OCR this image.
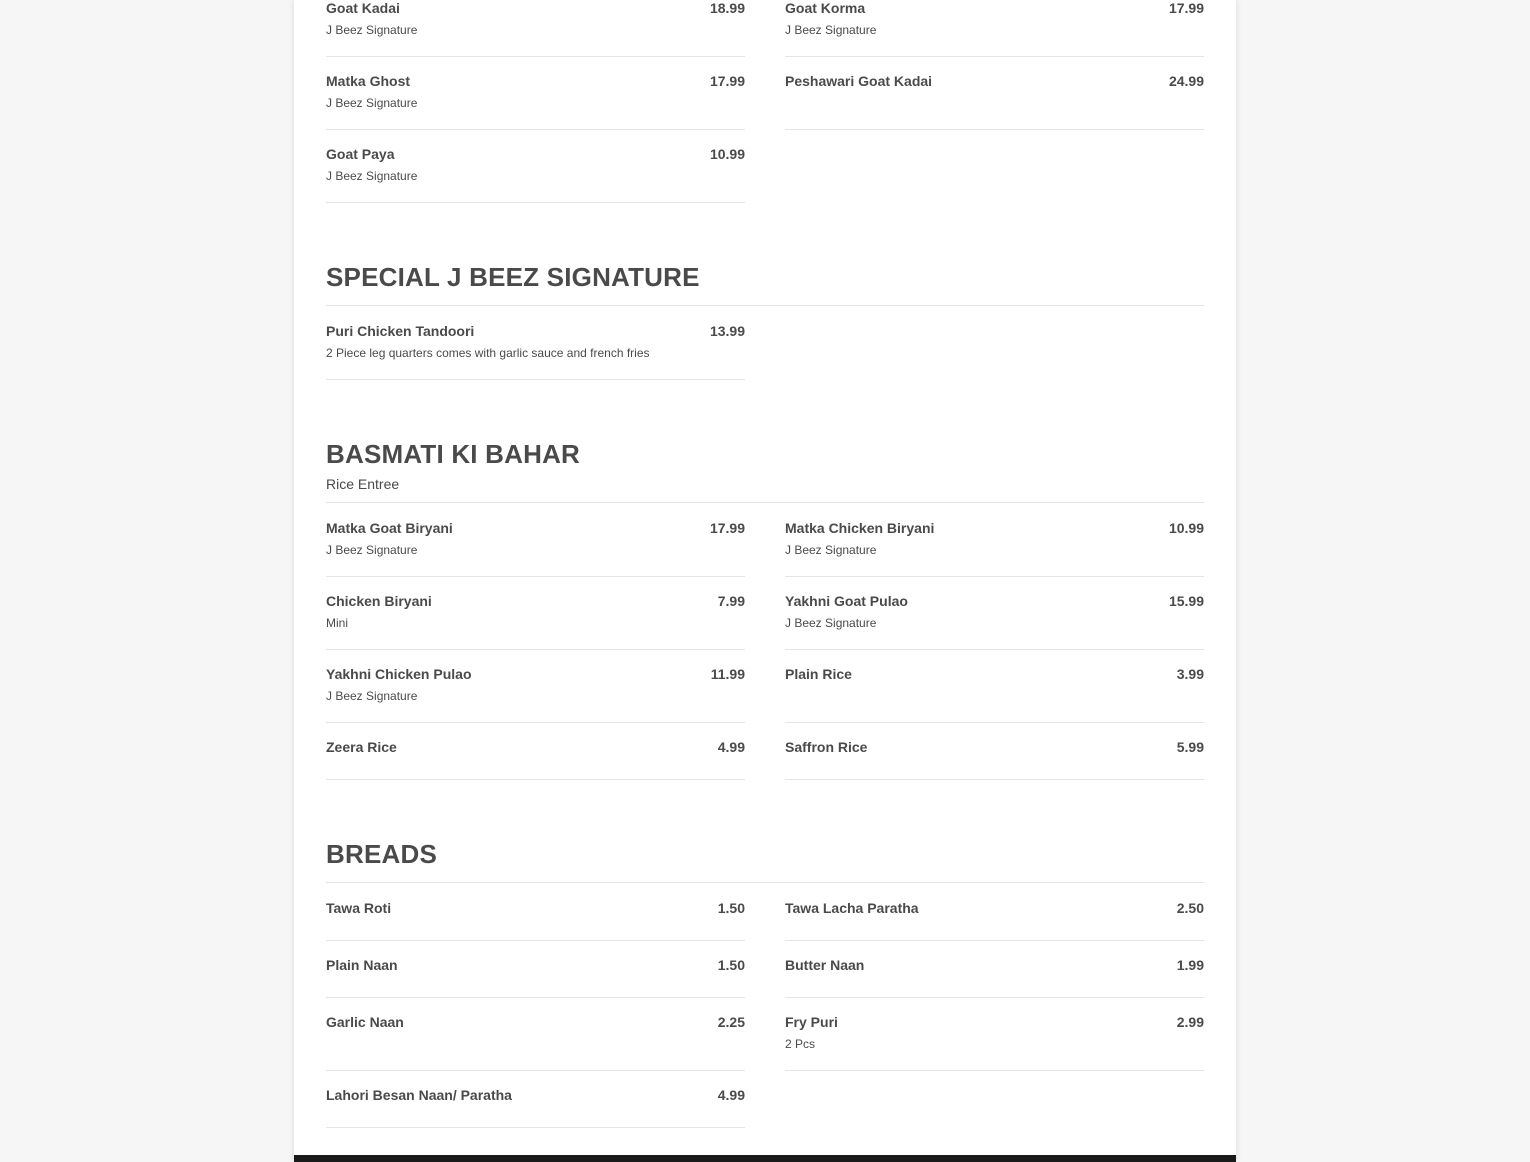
Goat Kadai	18.99
J Beez Signature
Goat Korma	17.99
J Beez Signature
Matka Ghost	17.99
J Beez Signature
Peshawari Goat Kadai	24.99
Goat Paya	10.99
J Beez Signature
SPECIAL J BEEZ SIGNATURE
Puri Chicken Tandoori	13.99
2 Piece leg quarters comes with garlic sauce and french fries
BASMATI KI BAHAR
Rice Entree
Matka Goat Biryani	17.99
J Beez Signature
Matka Chicken Biryani	10.99
J Beez Signature
Chicken Biryani	7.99
Mini
Yakhni Goat Pulao	15.99
J Beez Signature
Yakhni Chicken Pulao	11.99
J Beez Signature
Plain Rice	3.99
Zeera Rice	4.99	Saffron Rice	5.99
BREADS
Tawa Roti	1.50	Tawa Lacha Paratha	2.50
Plain Naan	1.50	Butter Naan	1.99
Garlic Naan	2.25	Fry Puri	2.99
2 Pcs
Lahori Besan Naan/ Paratha	4.99
